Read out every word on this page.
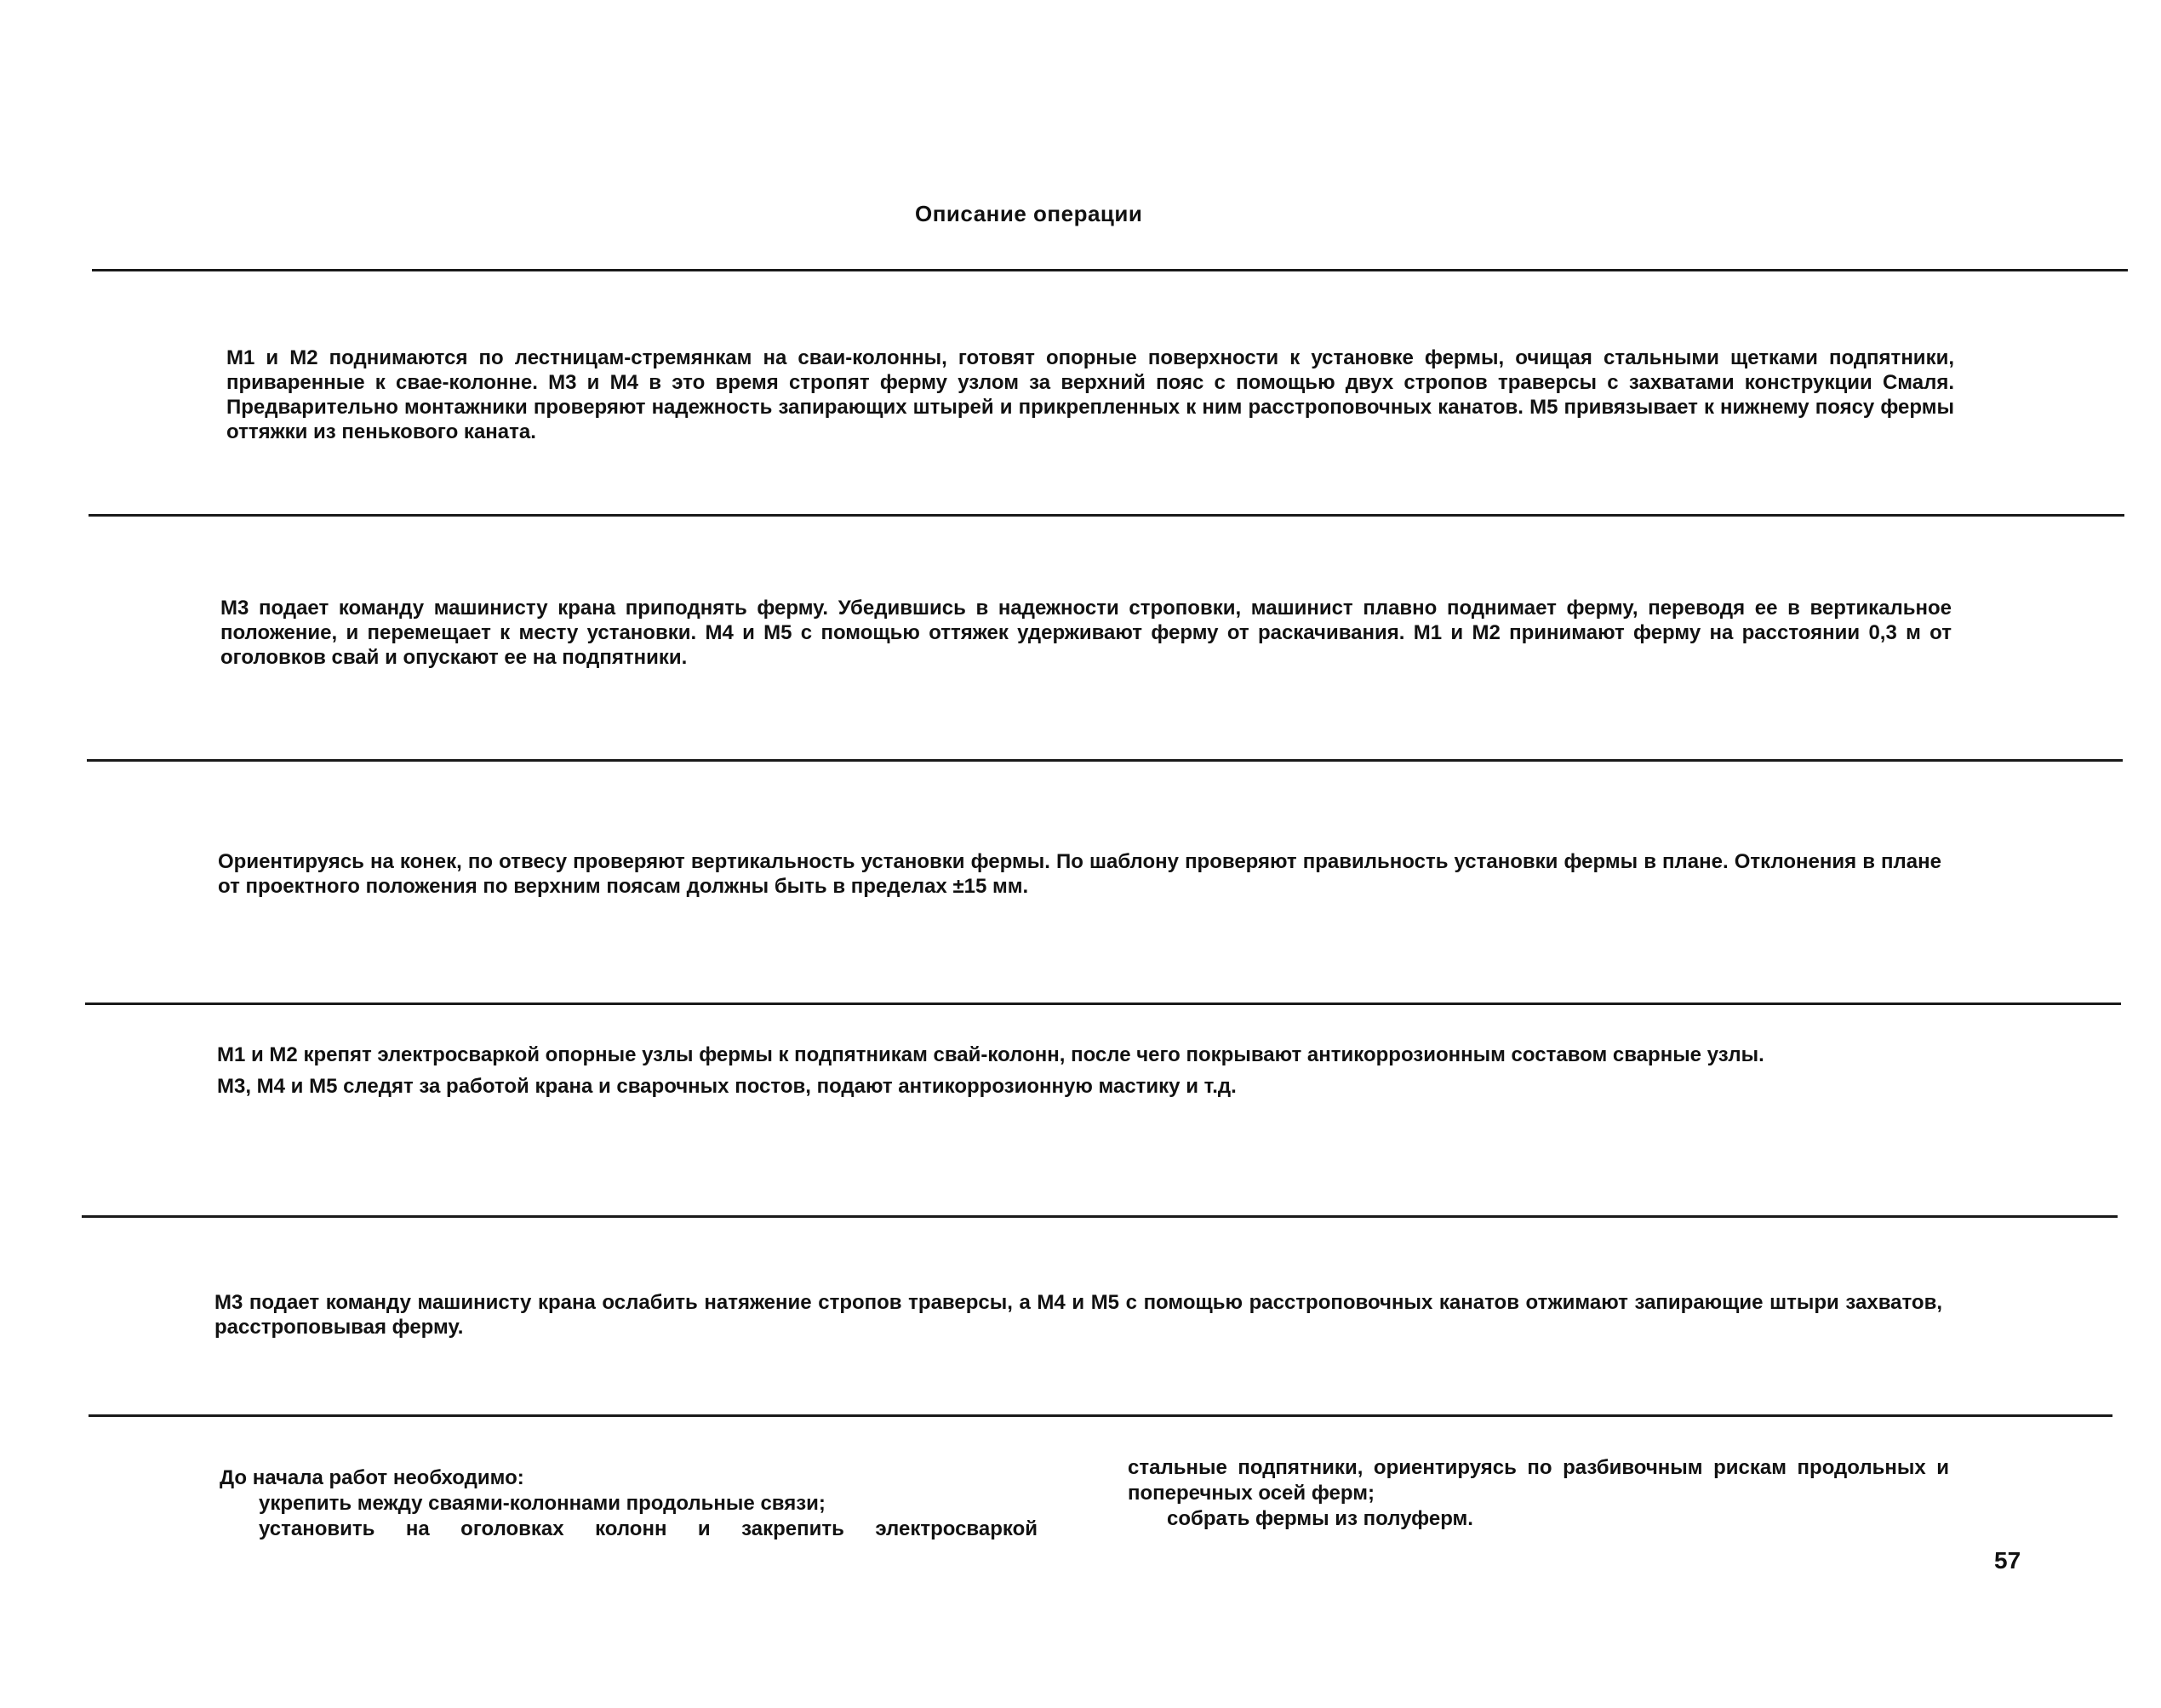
Описание операции
М1 и М2 поднимаются по лестницам-стремянкам на сваи-колонны, готовят опорные поверхности к установке фермы, очищая стальными щетками подпятники, приваренные к сваe-колонне. М3 и М4 в это время стропят ферму узлом за верхний пояс с помощью двух стропов траверсы с захватами конструкции Смаля. Предварительно монтажники проверяют надежность запирающих штырей и прикрепленных к ним расстроповочных канатов. М5 привязывает к нижнему поясу фермы оттяжки из пенькового каната.
М3 подает команду машинисту крана приподнять ферму. Убедившись в надежности строповки, машинист плавно поднимает ферму, переводя ее в вертикальное положение, и перемещает к месту установки. М4 и М5 с помощью оттяжек удерживают ферму от раскачивания. М1 и М2 принимают ферму на расстоянии 0,3 м от оголовков свай и опускают ее на подпятники.
Ориентируясь на конек, по отвесу проверяют вертикальность установки фермы. По шаблону проверяют правильность установки фермы в плане. Отклонения в плане от проектного положения по верхним поясам должны быть в пределах ±15 мм.

М1 и М2 крепят электросваркой опорные узлы фермы к подпятникам свай-колонн, после чего покрывают антикоррозионным составом сварные узлы.

М3, М4 и М5 следят за работой крана и сварочных постов, подают антикоррозионную мастику и т.д.

М3 подает команду машинисту крана ослабить натяжение стропов траверсы, а М4 и М5 с помощью расстроповочных канатов отжимают запирающие штыри захватов, расстроповывая ферму.
До начала работ необходимо:
укрепить между сваями-колоннами продольные связи;
установить на оголовках колонн и закрепить электросваркой
стальные подпятники, ориентируясь по разбивочным рискам продольных и поперечных осей ферм;
собрать фермы из полуферм.
57
